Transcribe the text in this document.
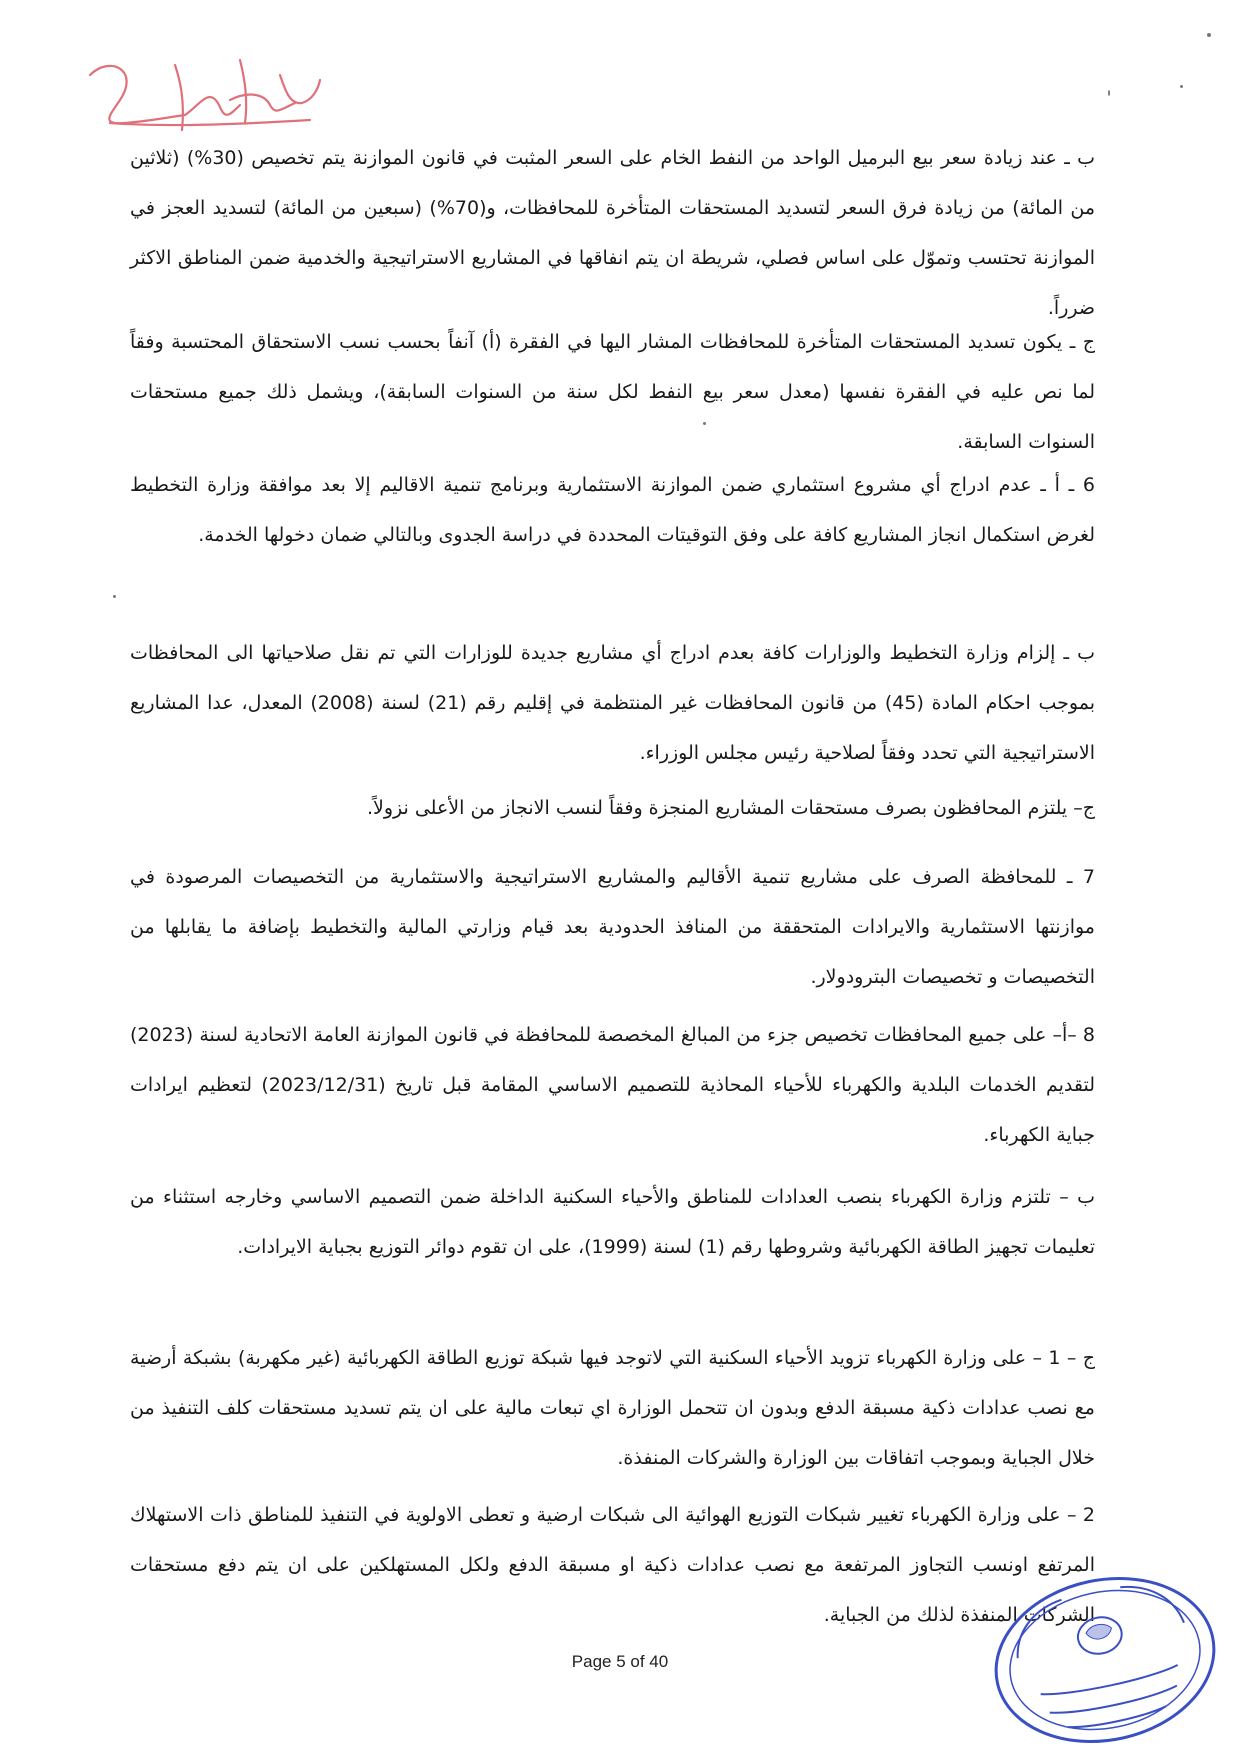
ب ـ عند زيادة سعر بيع البرميل الواحد من النفط الخام على السعر المثبت في قانون الموازنة يتم تخصيص (30%) (ثلاثين من المائة) من زيادة فرق السعر لتسديد المستحقات المتأخرة للمحافظات، و(70%) (سبعين من المائة) لتسديد العجز في الموازنة تحتسب وتموّل على اساس فصلي، شريطة ان يتم انفاقها في المشاريع الاستراتيجية والخدمية ضمن المناطق الاكثر ضرراً.

ج ـ يكون تسديد المستحقات المتأخرة للمحافظات المشار اليها في الفقرة (أ) آنفاً بحسب نسب الاستحقاق المحتسبة وفقاً لما نص عليه في الفقرة نفسها (معدل سعر بيع النفط لكل سنة من السنوات السابقة)، ويشمل ذلك جميع مستحقات السنوات السابقة.

6 ـ أ ـ عدم ادراج أي مشروع استثماري ضمن الموازنة الاستثمارية وبرنامج تنمية الاقاليم إلا بعد موافقة وزارة التخطيط لغرض استكمال انجاز المشاريع كافة على وفق التوقيتات المحددة في دراسة الجدوى وبالتالي ضمان دخولها الخدمة.

ب ـ إلزام وزارة التخطيط والوزارات كافة بعدم ادراج أي مشاريع جديدة للوزارات التي تم نقل صلاحياتها الى المحافظات بموجب احكام المادة (45) من قانون المحافظات غير المنتظمة في إقليم رقم (21) لسنة (2008) المعدل، عدا المشاريع الاستراتيجية التي تحدد وفقاً لصلاحية رئيس مجلس الوزراء.

ج– يلتزم المحافظون بصرف مستحقات المشاريع المنجزة وفقاً لنسب الانجاز من الأعلى نزولاً.

7 ـ للمحافظة الصرف على مشاريع تنمية الأقاليم والمشاريع الاستراتيجية والاستثمارية من التخصيصات المرصودة في موازنتها الاستثمارية والايرادات المتحققة من المنافذ الحدودية بعد قيام وزارتي المالية والتخطيط بإضافة ما يقابلها من التخصيصات و تخصيصات البترودولار.

8 –أ– على جميع المحافظات تخصيص جزء من المبالغ المخصصة للمحافظة في قانون الموازنة العامة الاتحادية لسنة (2023) لتقديم الخدمات البلدية والكهرباء للأحياء المحاذية للتصميم الاساسي المقامة قبل تاريخ (2023/12/31) لتعظيم ايرادات جباية الكهرباء.

ب – تلتزم وزارة الكهرباء بنصب العدادات للمناطق والأحياء السكنية الداخلة ضمن التصميم الاساسي وخارجه استثناء من تعليمات تجهيز الطاقة الكهربائية وشروطها رقم (1) لسنة (1999)، على ان تقوم دوائر التوزيع بجباية الايرادات.

ج – 1 – على وزارة الكهرباء تزويد الأحياء السكنية التي لاتوجد فيها شبكة توزيع الطاقة الكهربائية (غير مكهربة) بشبكة أرضية مع نصب عدادات ذكية مسبقة الدفع وبدون ان تتحمل الوزارة اي تبعات مالية على ان يتم تسديد مستحقات كلف التنفيذ من خلال الجباية وبموجب اتفاقات بين الوزارة والشركات المنفذة.

2 – على وزارة الكهرباء تغيير شبكات التوزيع الهوائية الى شبكات ارضية و تعطى الاولوية في التنفيذ للمناطق ذات الاستهلاك المرتفع اونسب التجاوز المرتفعة مع نصب عدادات ذكية او مسبقة الدفع ولكل المستهلكين على ان يتم دفع مستحقات الشركات المنفذة لذلك من الجباية.

Page 5 of 40
